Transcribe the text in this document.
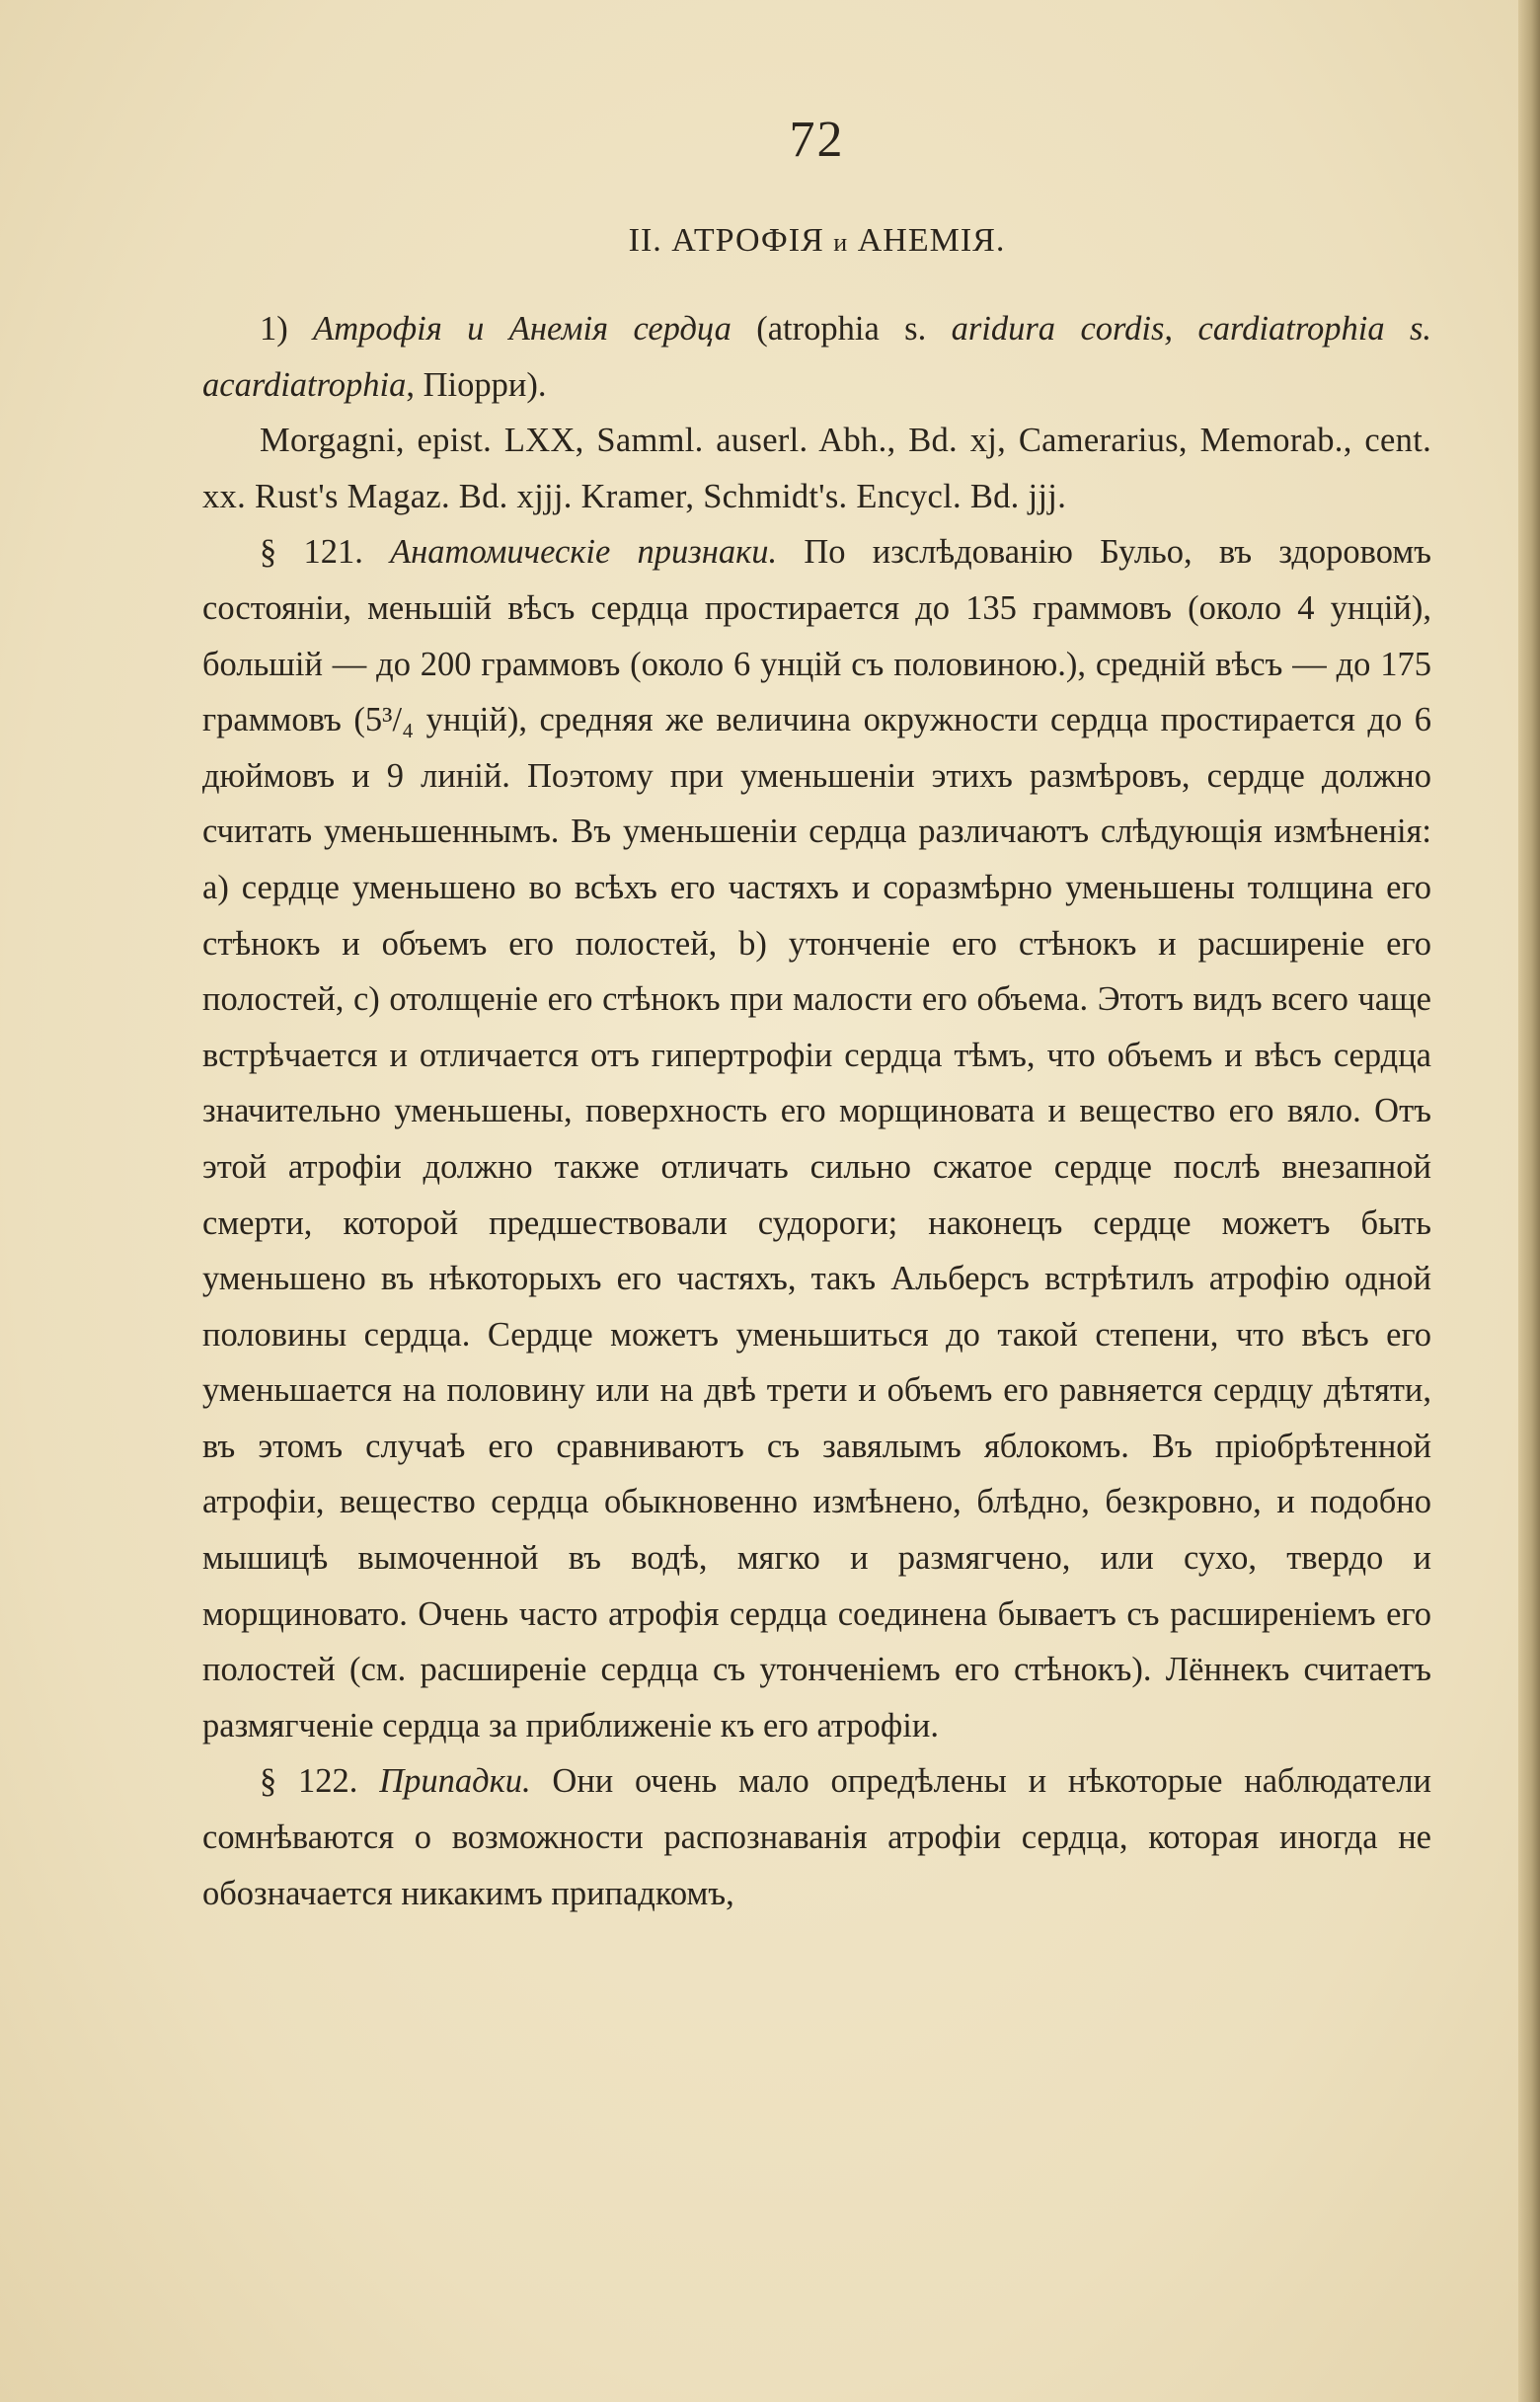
72
II. АТРОФІЯ и АНЕМІЯ.

1) Атрофія и Анемія сердца (atrophia s. aridura cordis, cardiatrophia s. acardiatrophia, Піорри).

Morgagni, epist. LXX, Samml. auserl. Abh., Bd. xj, Camerarius, Memorab., cent. xx. Rust's Magaz. Bd. xjjj. Kramer, Schmidt's. Encycl. Bd. jjj.

§ 121. Анатомическіе признаки. По изслѣдованію Бульо, въ здоровомъ состояніи, меньшій вѣсъ сердца простирается до 135 граммовъ (около 4 унцій), большій — до 200 граммовъ (около 6 унцій съ половиною.), средній вѣсъ — до 175 граммовъ (5³/₄ унцій), средняя же величина окружности сердца простирается до 6 дюймовъ и 9 линій. Поэтому при уменьшеніи этихъ размѣровъ, сердце должно считать уменьшеннымъ. Въ уменьшеніи сердца различаютъ слѣдующія измѣненія: a) сердце уменьшено во всѣхъ его частяхъ и соразмѣрно уменьшены толщина его стѣнокъ и объемъ его полостей, b) утонченіе его стѣнокъ и расширеніе его полостей, c) отолщеніе его стѣнокъ при малости его объема. Этотъ видъ всего чаще встрѣчается и отличается отъ гипертрофіи сердца тѣмъ, что объемъ и вѣсъ сердца значительно уменьшены, поверхность его морщиновата и вещество его вяло. Отъ этой атрофіи должно также отличать сильно сжатое сердце послѣ внезапной смерти, которой предшествовали судороги; наконецъ сердце можетъ быть уменьшено въ нѣкоторыхъ его частяхъ, такъ Альберсъ встрѣтилъ атрофію одной половины сердца. Сердце можетъ уменьшиться до такой степени, что вѣсъ его уменьшается на половину или на двѣ трети и объемъ его равняется сердцу дѣтяти, въ этомъ случаѣ его сравниваютъ съ завялымъ яблокомъ. Въ пріобрѣтенной атрофіи, вещество сердца обыкновенно измѣнено, блѣдно, безкровно, и подобно мышицѣ вымоченной въ водѣ, мягко и размягчено, или сухо, твердо и морщиновато. Очень часто атрофія сердца соединена бываетъ съ расширеніемъ его полостей (см. расширеніе сердца съ утонченіемъ его стѣнокъ). Лённекъ считаетъ размягченіе сердца за приближеніе къ его атрофіи.

§ 122. Припадки. Они очень мало опредѣлены и нѣкоторые наблюдатели сомнѣваются о возможности распознаванія атрофіи сердца, которая иногда не обозначается никакимъ припадкомъ,
